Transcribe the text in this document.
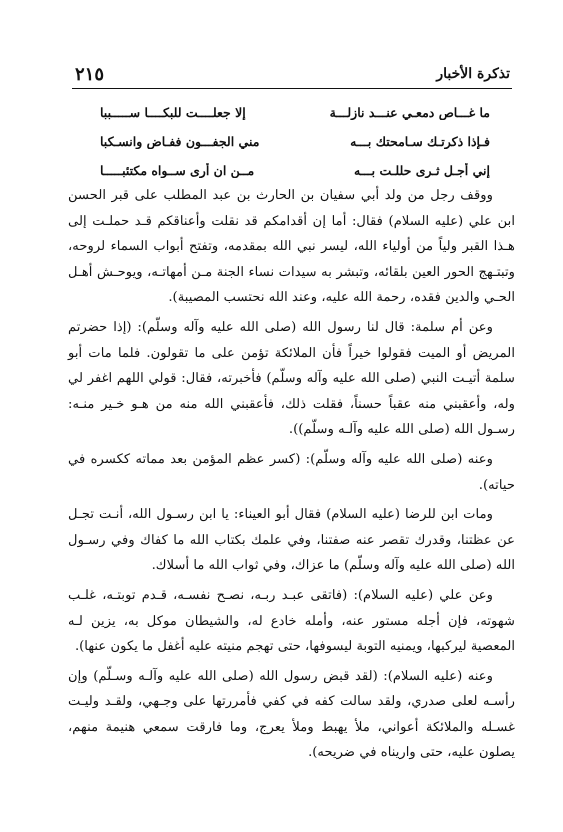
تذكرة الأخبار
٢١٥
ما غـــاص دمعـي عنـــد نازلـــة
إلا جعلــــت للبكــــا ســـــببا
فـإذا ذكرتـك سـامحتك بـــه
مني الجفـــون ففـاض وانسـكبا
إني أجـل ثـرى حللـت بـــه
مــن ان أرى ســواه مكتئبـــــا

ووقف رجل من ولد أبي سفيان بن الحارث بن عبد المطلب على قبر الحسن ابن علي (عليه السلام) فقال: أما إن أقدامكم قد نقلت وأعناقكم قـد حملـت إلى هـذا القبر ولياً من أولياء الله، ليسر نبي الله بمقدمه، وتفتح أبواب السماء لروحه، وتبتـهج الحور العين بلقائه، وتبشر به سيدات نساء الجنة مـن أمهاتـه، ويوحـش أهـل الحـي والدين فقده، رحمة الله عليه، وعند الله نحتسب المصيبة).

وعن أم سلمة: قال لنا رسول الله (صلى الله عليه وآله وسلّم): (إذا حضرتم المريض أو الميت فقولوا خيراً فأن الملائكة تؤمن على ما تقولون. فلما مات أبو سلمة أتيـت النبي (صلى الله عليه وآله وسلّم) فأخبرته، فقال: قولي اللهم اغفر لي وله، وأعقبني منه عقباً حسناً، فقلت ذلك، فأعقبني الله منه من هـو خـير منـه: رسـول الله (صلى الله عليه وآلـه وسلّم)).

وعنه (صلى الله عليه وآله وسلّم): (كسر عظم المؤمن بعد مماته ككسره في حياته).

ومات ابن للرضا (عليه السلام) فقال أبو العيناء: يا ابن رسـول الله، أنـت تجـل عن عظتنا، وقدرك تقصر عنه صفتنا، وفي علمك بكتاب الله ما كفاك وفي رسـول الله (صلى الله عليه وآله وسلّم) ما عزاك، وفي ثواب الله ما أسلاك.

وعن علي (عليه السلام): (فاتقى عبـد ربـه، نصـح نفسـه، قـدم توبتـه، غلـب شهوته، فإن أجله مستور عنه، وأمله خادع له، والشيطان موكل به، يزين لـه المعصية ليركبها، ويمنيه التوبة ليسوفها، حتى تهجم منيته عليه أغفل ما يكون عنها).

وعنه (عليه السلام): (لقد قبض رسول الله (صلى الله عليه وآلـه وسـلّم) وإن رأسـه لعلى صدري، ولقد سالت كفه في كفي فأمررتها على وجـهي، ولقـد وليـت غسـله والملائكة أعواني، ملأ يهبط وملأ يعرج، وما فارقت سمعي هنيمة منهم، يصلون عليه، حتى واريناه في ضريحه).
